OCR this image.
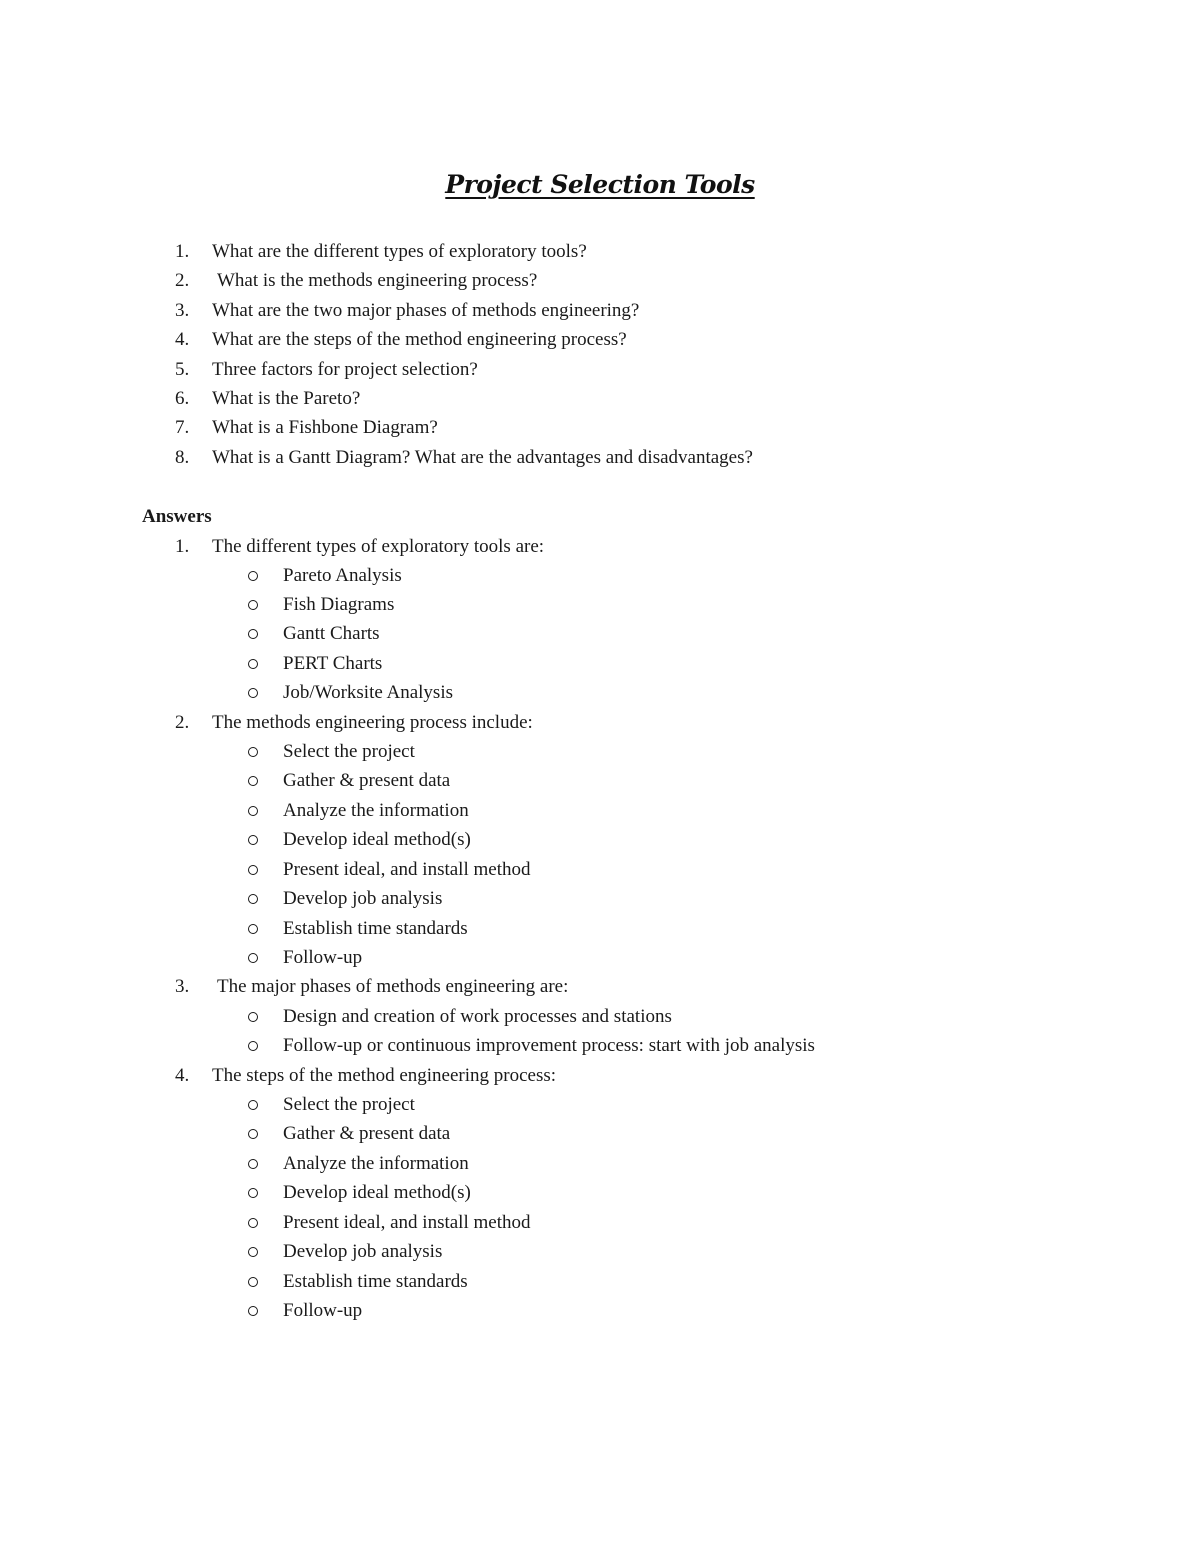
Project Selection Tools
1.	What are the different types of exploratory tools?
2.	What is the methods engineering process?
3.	What are the two major phases of methods engineering?
4.	What are the steps of the method engineering process?
5.	Three factors for project selection?
6.	What is the Pareto?
7.	What is a Fishbone Diagram?
8.	What is a Gantt Diagram? What are the advantages and disadvantages?
Answers
1.	The different types of exploratory tools are:
Pareto Analysis
Fish Diagrams
Gantt Charts
PERT Charts
Job/Worksite Analysis
2.	The methods engineering process include:
Select the project
Gather & present data
Analyze the information
Develop ideal method(s)
Present ideal, and install method
Develop job analysis
Establish time standards
Follow-up
3.	The major phases of methods engineering are:
Design and creation of work processes and stations
Follow-up or continuous improvement process: start with job analysis
4.	The steps of the method engineering process:
Select the project
Gather & present data
Analyze the information
Develop ideal method(s)
Present ideal, and install method
Develop job analysis
Establish time standards
Follow-up
